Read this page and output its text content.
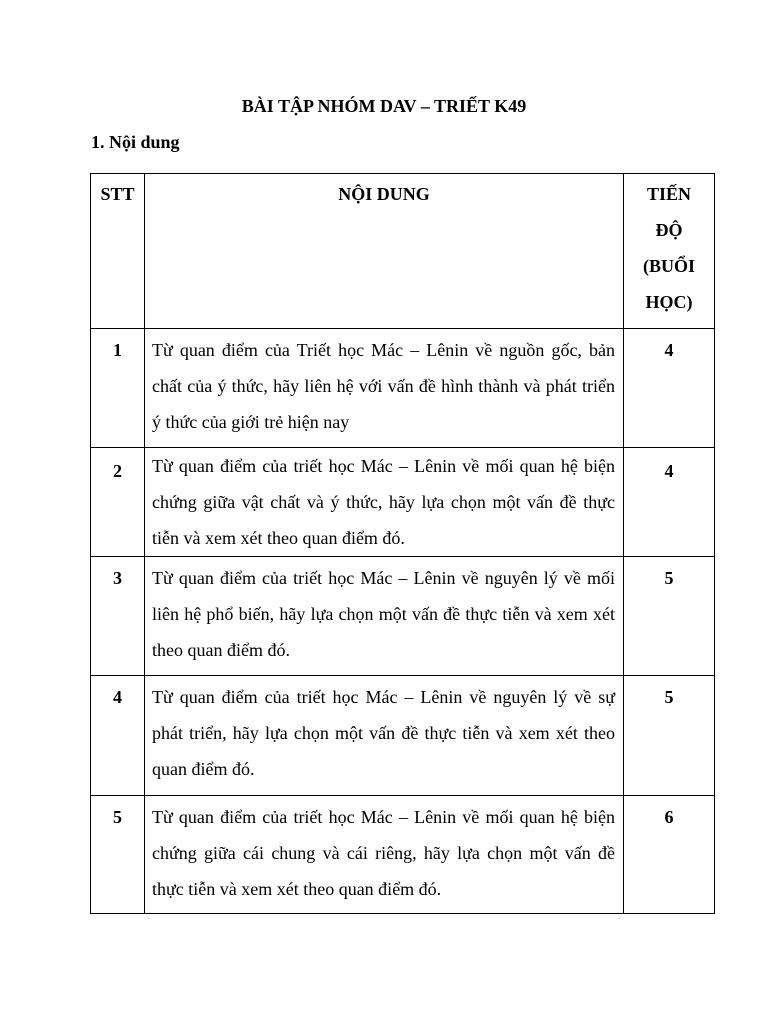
BÀI TẬP NHÓM DAV – TRIẾT K49
1. Nội dung
STT	NỘI DUNG	TIẾN
ĐỘ
(BUỔI
HỌC)

1	Từ quan điểm của Triết học Mác – Lênin về nguồn gốc, bản chất của ý thức, hãy liên hệ với vấn đề hình thành và phát triển ý thức của giới trẻ hiện nay	4
2	Từ quan điểm của triết học Mác – Lênin về mối quan hệ biện chứng giữa vật chất và ý thức, hãy lựa chọn một vấn đề thực tiễn và xem xét theo quan điểm đó.	4
3	Từ quan điểm của triết học Mác – Lênin về nguyên lý về mối liên hệ phổ biến, hãy lựa chọn một vấn đề thực tiễn và xem xét theo quan điểm đó.	5
4	Từ quan điểm của triết học Mác – Lênin về nguyên lý về sự phát triển, hãy lựa chọn một vấn đề thực tiễn và xem xét theo quan điểm đó.	5
5	Từ quan điểm của triết học Mác – Lênin về mối quan hệ biện chứng giữa cái chung và cái riêng, hãy lựa chọn một vấn đề thực tiễn và xem xét theo quan điểm đó.	6
